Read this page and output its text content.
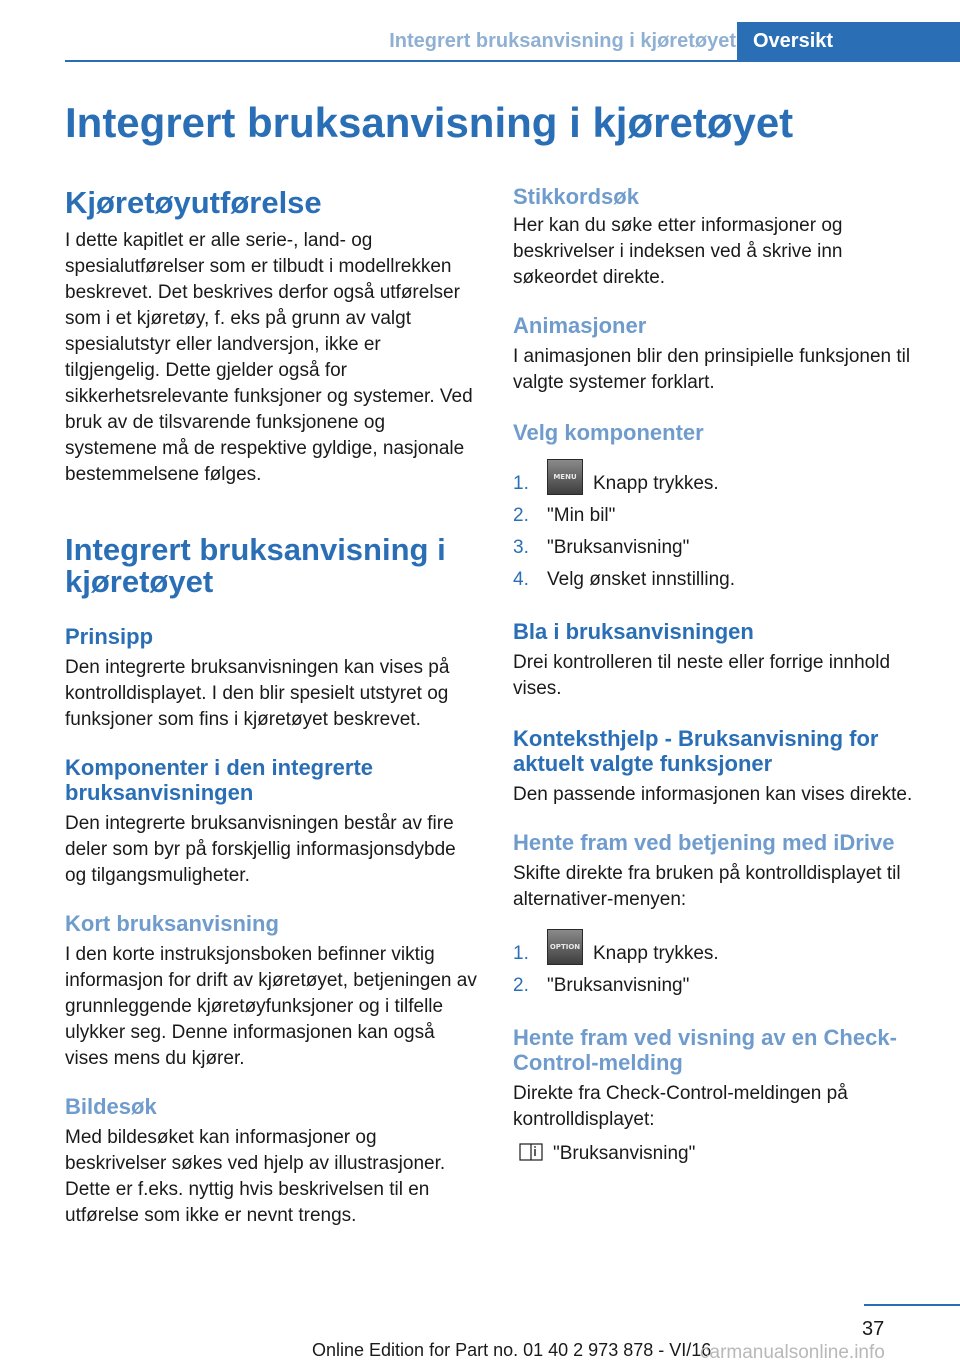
Integrert bruksanvisning i kjøretøyet Oversikt
Integrert bruksanvisning i kjøretøyet
Kjøretøyutførelse

I dette kapitlet er alle serie-, land- og spesialutførelser som er tilbudt i modellrekken beskrevet. Det beskrives derfor også utførelser som i et kjøretøy, f. eks på grunn av valgt spesialutstyr eller landversjon, ikke er tilgjengelig. Dette gjelder også for sikkerhetsrelevante funksjoner og systemer. Ved bruk av de tilsvarende funksjonene og systemene må de respektive gyldige, nasjonale bestemmelsene følges.

Integrert bruksanvisning i
kjøretøyet
Prinsipp

Den integrerte bruksanvisningen kan vises på kontrolldisplayet. I den blir spesielt utstyret og funksjoner som fins i kjøretøyet beskrevet.

Komponenter i den integrerte bruksanvisningen

Den integrerte bruksanvisningen består av fire deler som byr på forskjellig informasjonsdybde og tilgangsmuligheter.

Kort bruksanvisning

I den korte instruksjonsboken befinner viktig informasjon for drift av kjøretøyet, betjeningen av grunnleggende kjøretøyfunksjoner og i tilfelle ulykker seg. Denne informasjonen kan også vises mens du kjører.

Bildesøk

Med bildesøket kan informasjoner og beskrivelser søkes ved hjelp av illustrasjoner. Dette er f.eks. nyttig hvis beskrivelsen til en utførelse som ikke er nevnt trengs.

Stikkordsøk

Her kan du søke etter informasjoner og beskrivelser i indeksen ved å skrive inn søkeordet direkte.

Animasjoner

I animasjonen blir den prinsipielle funksjonen til valgte systemer forklart.

Velg komponenter
1.	MENU Knapp trykkes.
2. "Min bil"
3. "Bruksanvisning"
4. Velg ønsket innstilling.
Bla i bruksanvisningen

Drei kontrolleren til neste eller forrige innhold vises.

Konteksthjelp - Bruksanvisning for aktuelt valgte funksjoner

Den passende informasjonen kan vises direkte.

Hente fram ved betjening med iDrive

Skifte direkte fra bruken på kontrolldisplayet til alternativer-menyen:

1.	OPTION Knapp trykkes.
2. "Bruksanvisning"
Hente fram ved visning av en Check-Control-melding

Direkte fra Check-Control-meldingen på kontrolldisplayet:

"Bruksanvisning"

37
Online Edition for Part no. 01 40 2 973 878 - VI/16
carmanualsonline.info
